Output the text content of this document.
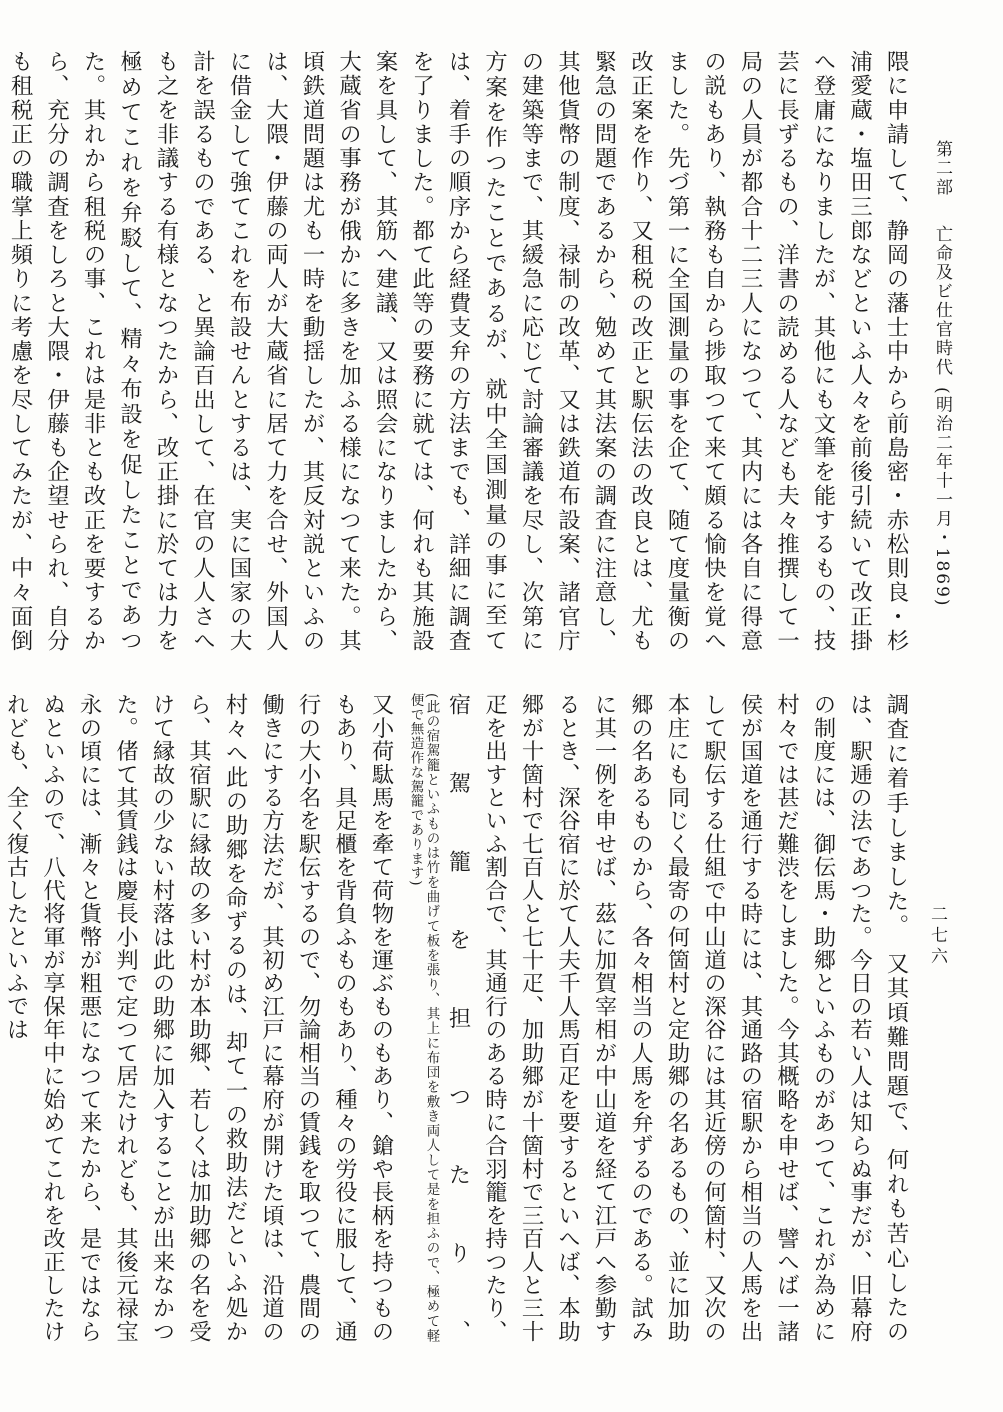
第二部亡命及ビ仕官時代(明治二年十一月・1869)
二七六

隈に申請して、静岡の藩士中から前島密・赤松則良・杉浦愛蔵・塩田三郎などといふ人々を前後引続いて改正掛へ登庸になりましたが、其他にも文筆を能するもの、技芸に長ずるもの、洋書の読める人なども夫々推撰して一局の人員が都合十二三人になつて、其内には各自に得意の説もあり、執務も自から捗取つて来て頗る愉快を覚へました。先づ第一に全国測量の事を企て、随て度量衡の改正案を作り、又租税の改正と駅伝法の改良とは、尤も緊急の問題であるから、勉めて其法案の調査に注意し、其他貨幣の制度、禄制の改革、又は鉄道布設案、諸官庁の建築等まで、其緩急に応じて討論審議を尽し、次第に方案を作つたことであるが、就中全国測量の事に至ては、着手の順序から経費支弁の方法までも、詳細に調査を了りました。都て此等の要務に就ては、何れも其施設案を具して、其筋へ建議、又は照会になりましたから、大蔵省の事務が俄かに多きを加ふる様になつて来た。其頃鉄道問題は尤も一時を動揺したが、其反対説といふのは、大隈・伊藤の両人が大蔵省に居て力を合せ、外国人に借金して強てこれを布設せんとするは、実に国家の大計を誤るものである、と異論百出して、在官の人人さへも之を非議する有様となつたから、改正掛に於ては力を極めてこれを弁駁して、精々布設を促したことであつた。其れから租税の事、これは是非とも改正を要するから、充分の調査をしろと大隈・伊藤も企望せられ、自分も租税正の職掌上頻りに考慮を尽してみたが、中々面倒

調査に着手しました。　又其頃難問題で、何れも苦心したのは、駅逓の法であつた。今日の若い人は知らぬ事だが、旧幕府の制度には、御伝馬・助郷といふものがあつて、これが為めに村々では甚だ難渋をしました。今其概略を申せば、譬へば一諸侯が国道を通行する時には、其通路の宿駅から相当の人馬を出して駅伝する仕組で中山道の深谷には其近傍の何箇村、又次の本庄にも同じく最寄の何箇村と定助郷の名あるもの、並に加助郷の名あるものから、各々相当の人馬を弁ずるのである。試みに其一例を申せば、茲に加賀宰相が中山道を経て江戸へ参勤するとき、深谷宿に於て人夫千人馬百疋を要するといへば、本助郷が十箇村で七百人と七十疋、加助郷が十箇村で三百人と三十疋を出すといふ割合で、其通行のある時に合羽籠を持つたり、宿駕籠を担つたり、(此の宿駕籠といふものは竹を曲げて板を張り、其上に布団を敷き両人して是を担ふので、極めて軽便で無造作な駕籠であります)又小荷駄馬を牽て荷物を運ぶものもあり、鎗や長柄を持つものもあり、具足櫃を背負ふものもあり、種々の労役に服して、通行の大小名を駅伝するので、勿論相当の賃銭を取つて、農間の働きにする方法だが、其初め江戸に幕府が開けた頃は、沿道の村々へ此の助郷を命ずるのは、却て一の救助法だといふ処から、其宿駅に縁故の多い村が本助郷、若しくは加助郷の名を受けて縁故の少ない村落は此の助郷に加入することが出来なかつた。偖て其賃銭は慶長小判で定つて居たけれども、其後元禄宝永の頃には、漸々と貨幣が粗悪になつて来たから、是ではならぬといふので、八代将軍が享保年中に始めてこれを改正したけれども、全く復古したといふでは
